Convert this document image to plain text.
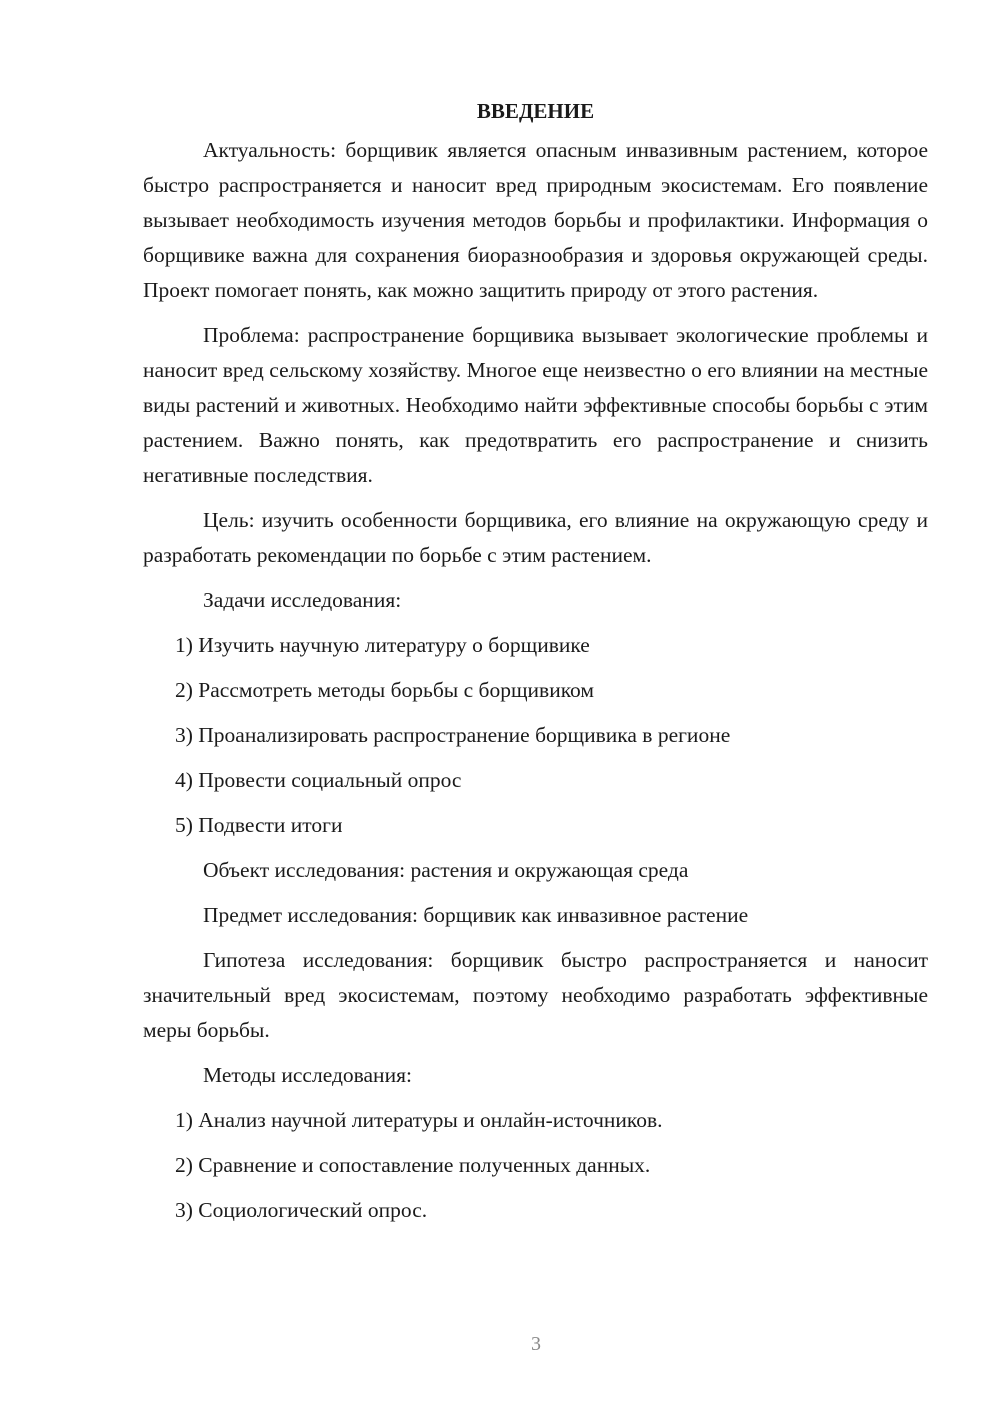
ВВЕДЕНИЕ

Актуальность: борщивик является опасным инвазивным растением, которое быстро распространяется и наносит вред природным экосистемам. Его появление вызывает необходимость изучения методов борьбы и профилактики. Информация о борщивике важна для сохранения биоразнообразия и здоровья окружающей среды. Проект помогает понять, как можно защитить природу от этого растения.

Проблема: распространение борщивика вызывает экологические проблемы и наносит вред сельскому хозяйству. Многое еще неизвестно о его влиянии на местные виды растений и животных. Необходимо найти эффективные способы борьбы с этим растением. Важно понять, как предотвратить его распространение и снизить негативные последствия.

Цель: изучить особенности борщивика, его влияние на окружающую среду и разработать рекомендации по борьбе с этим растением.

Задачи исследования:

1) Изучить научную литературу о борщивике

2) Рассмотреть методы борьбы с борщивиком

3) Проанализировать распространение борщивика в регионе

4) Провести социальный опрос

5) Подвести итоги

Объект исследования: растения и окружающая среда

Предмет исследования: борщивик как инвазивное растение

Гипотеза исследования: борщивик быстро распространяется и наносит значительный вред экосистемам, поэтому необходимо разработать эффективные меры борьбы.

Методы исследования:

1) Анализ научной литературы и онлайн-источников.

2) Сравнение и сопоставление полученных данных.

3) Социологический опрос.

3
